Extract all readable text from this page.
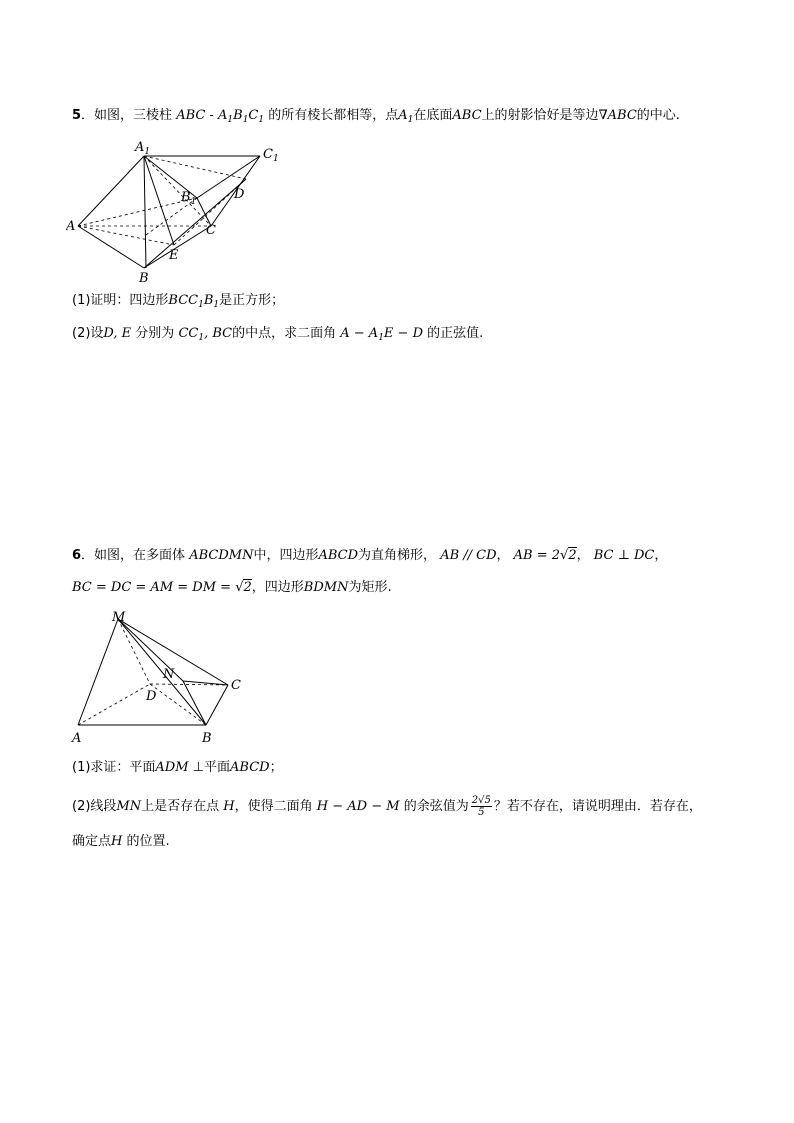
5．如图，三棱柱 ABC - $A_1B_1C_1$ 的所有棱长都相等，点$A_1$在底面ABC上的射影恰好是等边∇ABC的中心.
$A_1$	$C_1$
$B_1$	D
A	C
E
B
(1)证明：四边形$BCC_1B_1$是正方形；
(2)设D, E 分别为 $CC_1$, BC的中点，求二面角 $A - A_1E - D$ 的正弦值.
6．如图，在多面体 ABCDMN中，四边形ABCD为直角梯形， AB // CD， AB = 2√2， BC ⊥ DC，
BC = DC = AM = DM = √2，四边形BDMN为矩形.
M
N
C
D
A	B
(1)求证：平面ADM ⊥平面ABCD；
(2)线段MN上是否存在点 H，使得二面角 H − AD − M 的余弦值为 $\frac{2√5}{5}$ ？若不存在，请说明理由．若存在，
确定点H 的位置.
